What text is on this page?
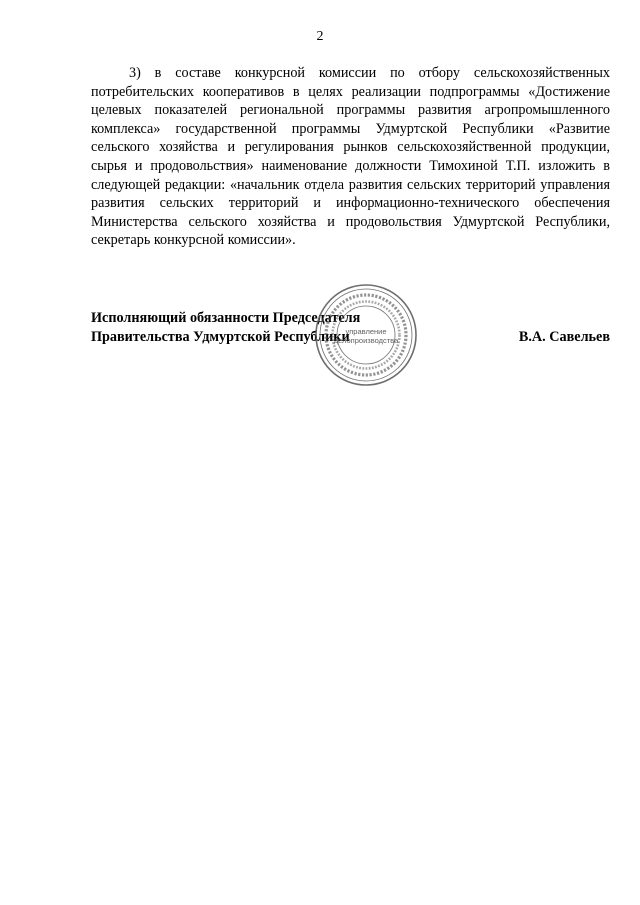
2

3) в составе конкурсной комиссии по отбору сельскохозяйственных потребительских кооперативов в целях реализации подпрограммы «Достижение целевых показателей региональной программы развития агропромышленного комплекса» государственной программы Удмуртской Республики «Развитие сельского хозяйства и регулирования рынков сельскохозяйственной продукции, сырья и продовольствия» наименование должности Тимохиной Т.П. изложить в следующей редакции: «начальник отдела развития сельских территорий управления развития сельских территорий и информационно-технического обеспечения Министерства сельского хозяйства и продовольствия Удмуртской Республики, секретарь конкурсной комиссии».

Исполняющий обязанности Председателя
Правительства Удмуртской Республики	В.А. Савельев
управление
делопроизводства
